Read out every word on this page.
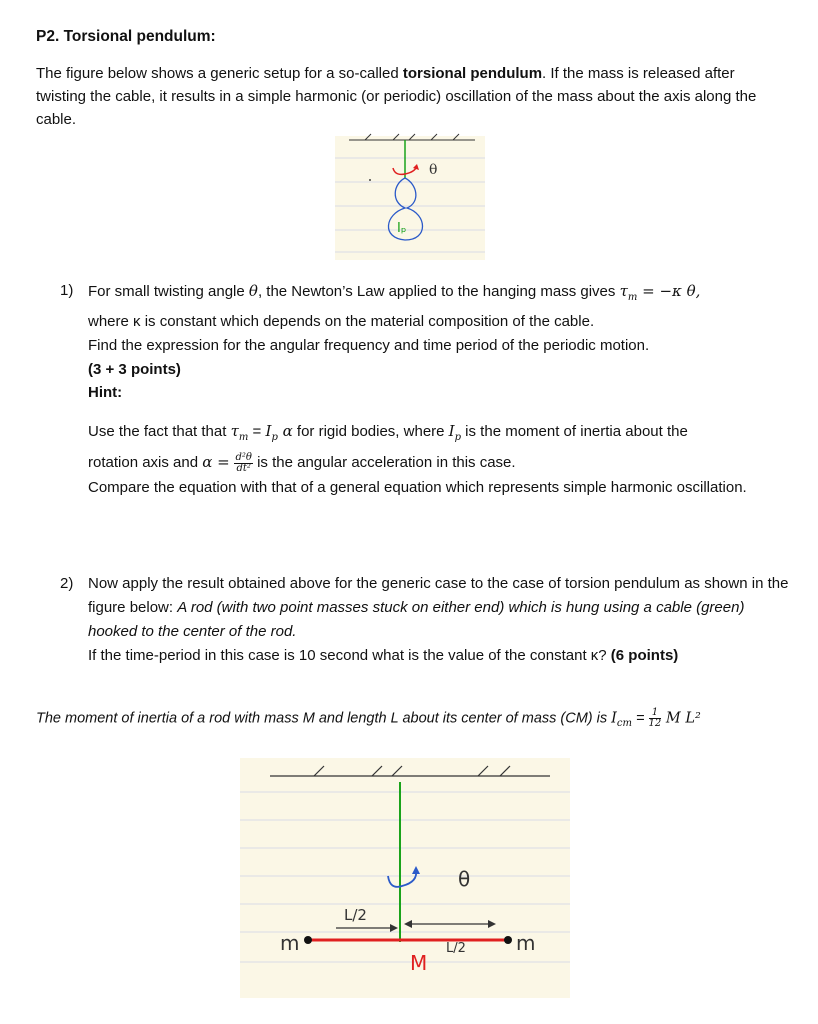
P2. Torsional pendulum:
The figure below shows a generic setup for a so-called torsional pendulum. If the mass is released after twisting the cable, it results in a simple harmonic (or periodic) oscillation of the mass about the axis along the cable.
θ
Iₚ
1) For small twisting angle θ, the Newton’s Law applied to the hanging mass gives $\tau_m = -\kappa$ θ,
where κ is constant which depends on the material composition of the cable.
Find the expression for the angular frequency and time period of the periodic motion.
(3 + 3 points)
Hint:
Use the fact that that $\tau_m = I_p$ α for rigid bodies, where $I_p$ is the moment of inertia about the
rotation axis and $\alpha = \frac{\text{d²θ}}{\text{dt²}}$ is the angular acceleration in this case.
Compare the equation with that of a general equation which represents simple harmonic oscillation.
2) Now apply the result obtained above for the generic case to the case of torsion pendulum as shown in the figure below: A rod (with two point masses stuck on either end) which is hung using a cable (green) hooked to the center of the rod.
If the time-period in this case is 10 second what is the value of the constant κ? (6 points)
The moment of inertia of a rod with mass M and length L about its center of mass (CM) is $I_{cm} = \frac{1}{12}$ M L²
θ
L/2
L/2
m	m
M
